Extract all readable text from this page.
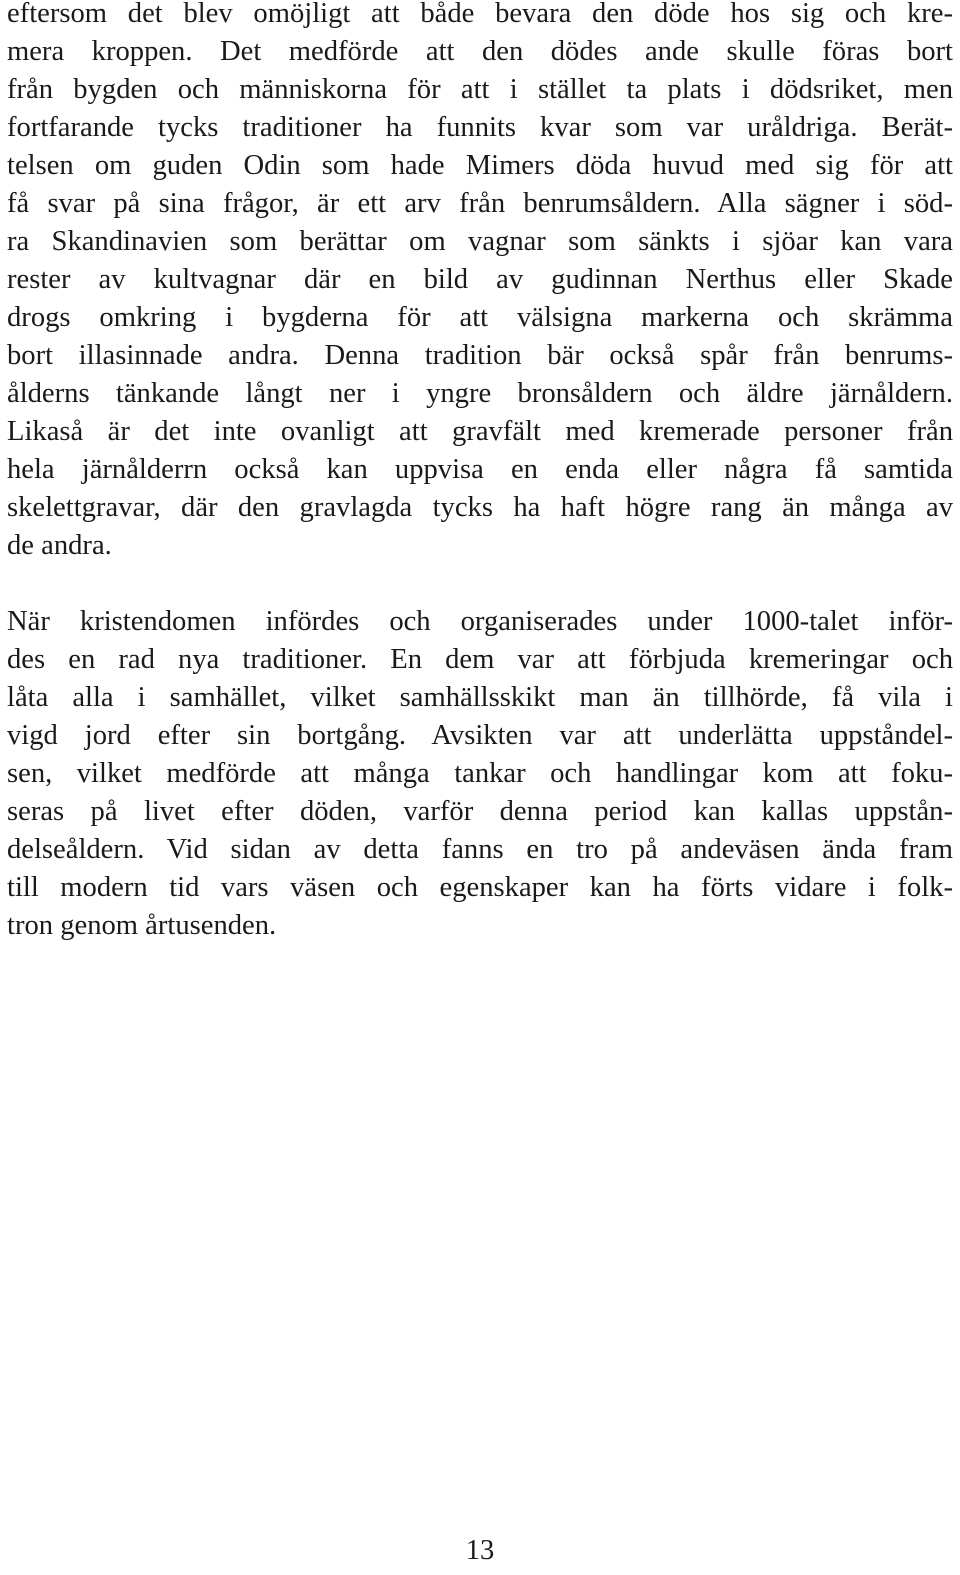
eftersom det blev omöjligt att både bevara den döde hos sig och kre-
mera kroppen. Det medförde att den dödes ande skulle föras bort
från bygden och människorna för att i stället ta plats i dödsriket, men
fortfarande tycks traditioner ha funnits kvar som var uråldriga. Berät-
telsen om guden Odin som hade Mimers döda huvud med sig för att
få svar på sina frågor, är ett arv från benrumsåldern. Alla sägner i söd-
ra Skandinavien som berättar om vagnar som sänkts i sjöar kan vara
rester av kultvagnar där en bild av gudinnan Nerthus eller Skade
drogs omkring i bygderna för att välsigna markerna och skrämma
bort illasinnade andra. Denna tradition bär också spår från benrums-
ålderns tänkande långt ner i yngre bronsåldern och äldre järnåldern.
Likaså är det inte ovanligt att gravfält med kremerade personer från
hela järnålderrn också kan uppvisa en enda eller några få samtida
skelettgravar, där den gravlagda tycks ha haft högre rang än många av
de andra.
När kristendomen infördes och organiserades under 1000-talet inför-
des en rad nya traditioner. En dem var att förbjuda kremeringar och
låta alla i samhället, vilket samhällsskikt man än tillhörde, få vila i
vigd jord efter sin bortgång. Avsikten var att underlätta uppståndel-
sen, vilket medförde att många tankar och handlingar kom att foku-
seras på livet efter döden, varför denna period kan kallas uppstån-
delseåldern. Vid sidan av detta fanns en tro på andeväsen ända fram
till modern tid vars väsen och egenskaper kan ha förts vidare i folk-
tron genom årtusenden.
13
